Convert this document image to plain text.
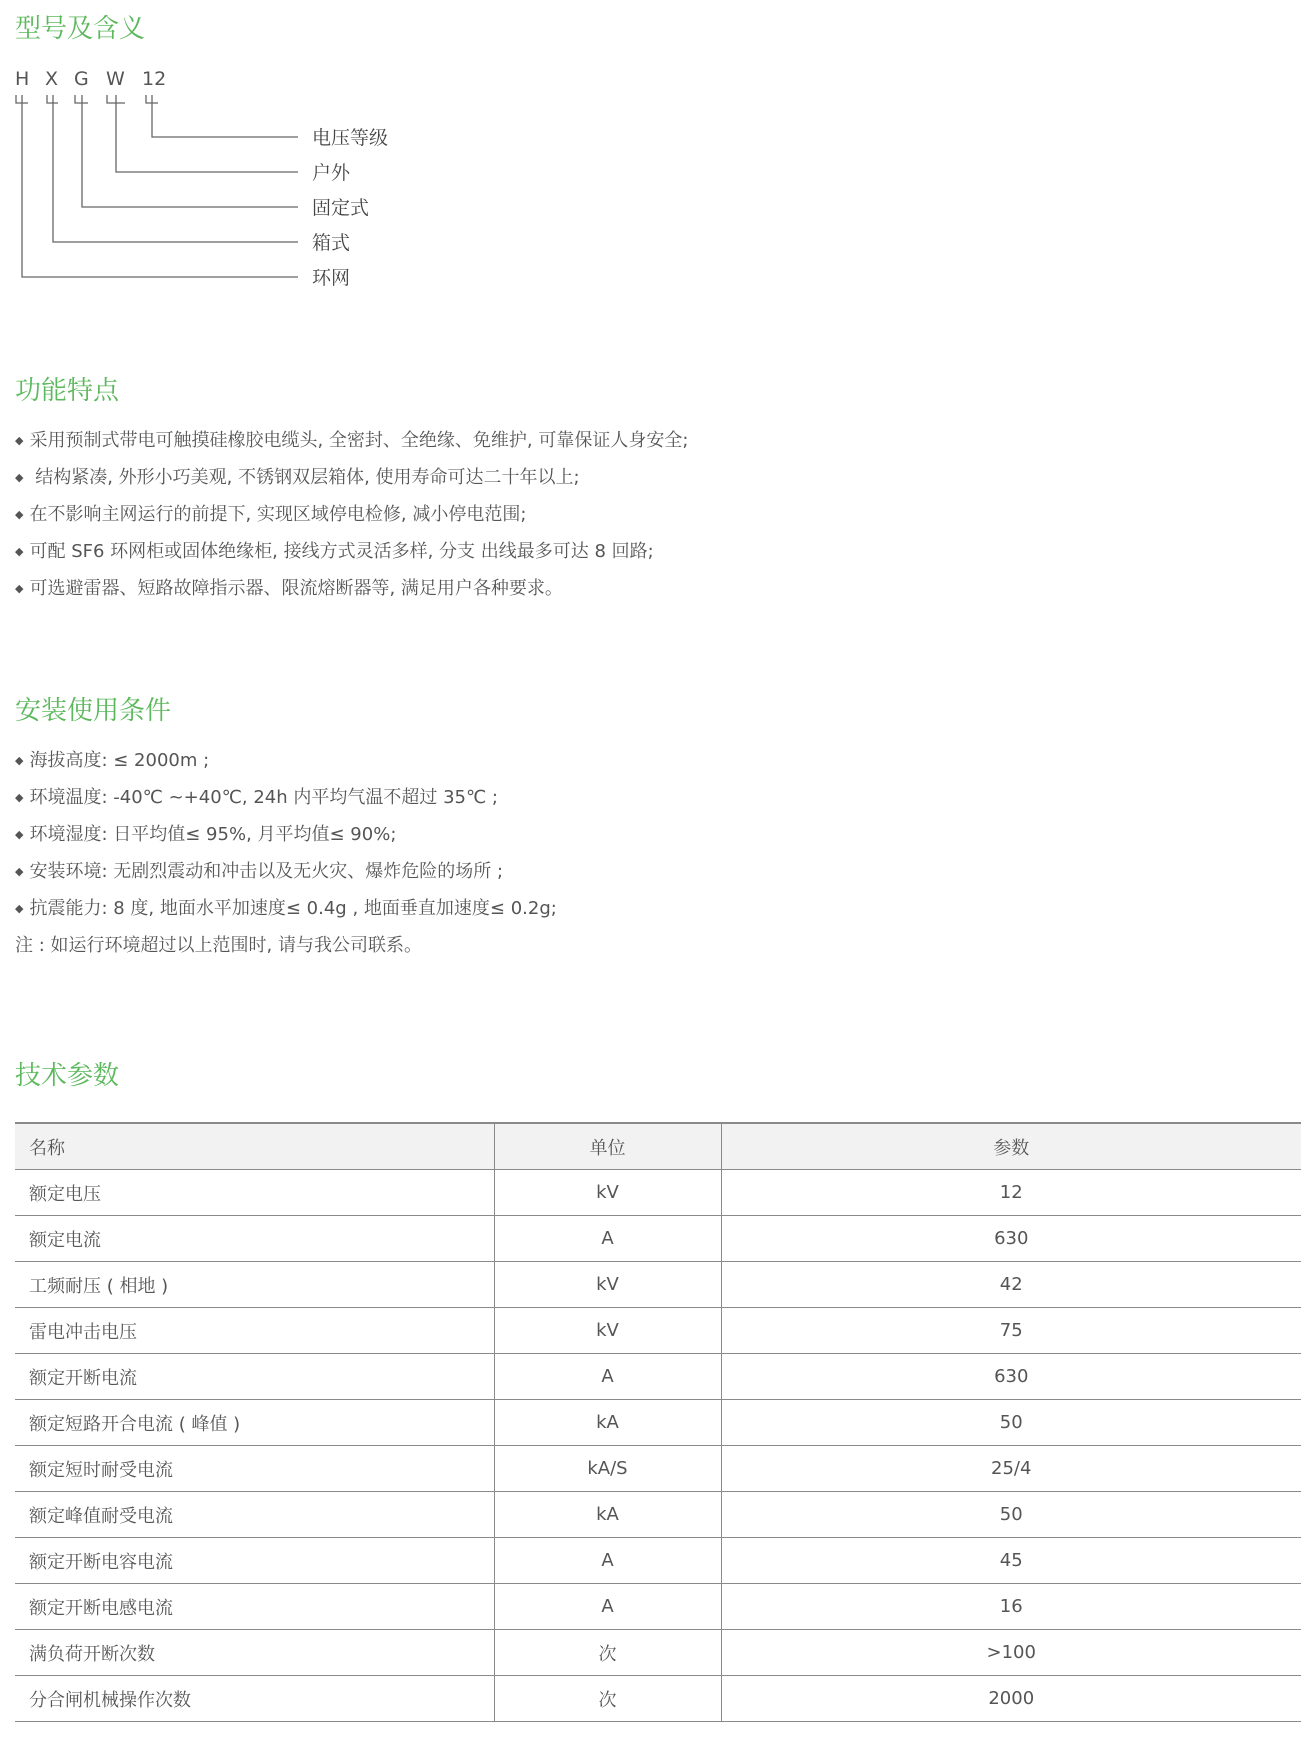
型号及含义
H X G W 12
电压等级
户外
固定式
箱式
环网
功能特点
◆ 采用预制式带电可触摸硅橡胶电缆头, 全密封、全绝缘、免维护, 可靠保证人身安全;
◆ 结构紧凑, 外形小巧美观, 不锈钢双层箱体, 使用寿命可达二十年以上;
◆ 在不影响主网运行的前提下, 实现区域停电检修, 减小停电范围;
◆ 可配 SF6 环网柜或固体绝缘柜, 接线方式灵活多样, 分支 出线最多可达 8 回路;
◆ 可选避雷器、短路故障指示器、限流熔断器等, 满足用户各种要求。
安装使用条件
◆ 海拔高度: ≤ 2000m ;
◆ 环境温度: -40℃ ~+40℃, 24h 内平均气温不超过 35℃ ;
◆ 环境湿度: 日平均值≤ 95%, 月平均值≤ 90%;
◆ 安装环境: 无剧烈震动和冲击以及无火灾、爆炸危险的场所 ;
◆ 抗震能力: 8 度, 地面水平加速度≤ 0.4g , 地面垂直加速度≤ 0.2g;
注 : 如运行环境超过以上范围时, 请与我公司联系。
技术参数
名称	单位	参数
额定电压	kV	12
额定电流	A	630
工频耐压 ( 相地 )	kV	42
雷电冲击电压	kV	75
额定开断电流	A	630
额定短路开合电流 ( 峰值 )	kA	50
额定短时耐受电流	kA/S	25/4
额定峰值耐受电流	kA	50
额定开断电容电流	A	45
额定开断电感电流	A	16
满负荷开断次数	次	>100
分合闸机械操作次数	次	2000
